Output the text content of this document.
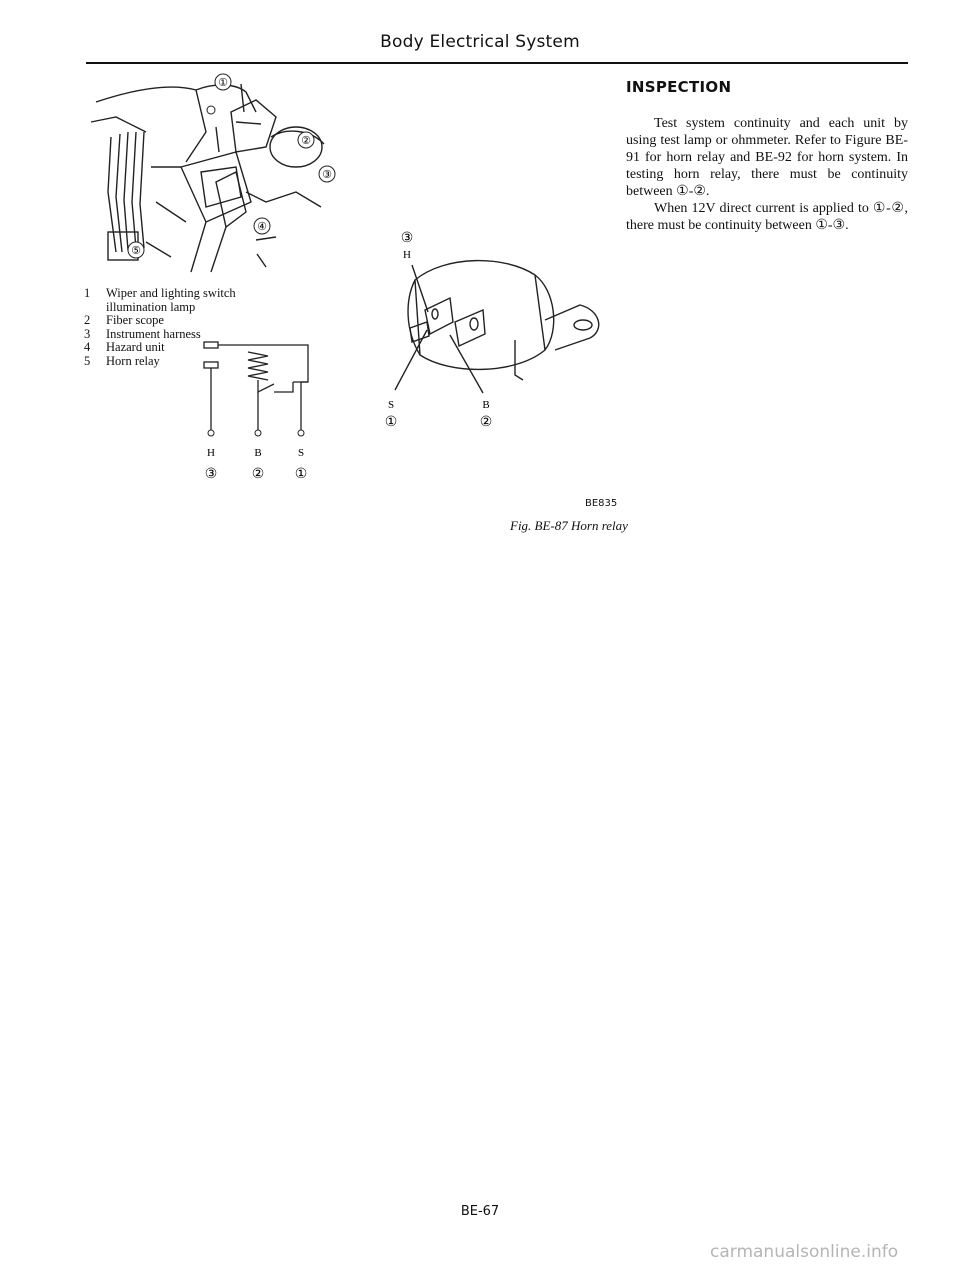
Body Electrical System
①
②
③
④
⑤
1	Wiper and lighting switch illumination lamp
2	Fiber scope
3	Instrument harness
4	Hazard unit
5	Horn relay
H	B	S
③ ② ①
③
H
S
①
B
②
BE835
Fig. BE-87 Horn relay
INSPECTION

Test system continuity and each unit by using test lamp or ohmmeter. Refer to Figure BE-91 for horn relay and BE-92 for horn system. In testing horn relay, there must be continuity between ①-②.

When 12V direct current is applied to ①-②, there must be continuity between ①-③.

BE-67
carmanualsonline.info
